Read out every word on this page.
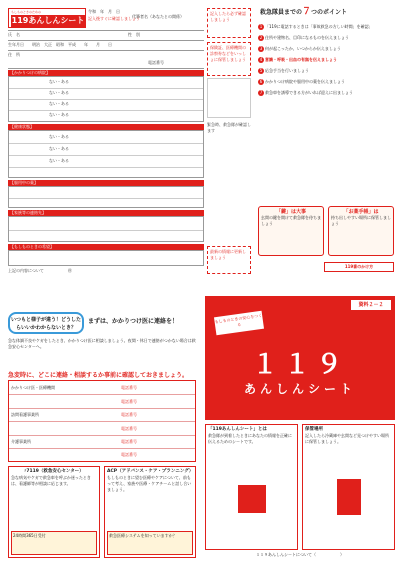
もしものときのための
119あんしんシート
令和　年　月　日
記入後すぐに確認しましょう
代筆者名（あなたとの関係）
氏　名	性　別
生年月日 明治　大正　昭和　平成　　年　　月　　日
住　所
電話番号
【かかりつけの病院】
ない・ある
ない・ある
ない・ある
ない・ある
【健康状態】
ない・ある
ない・ある
ない・ある
【服用中の薬】
【家族等の連絡先】
【もしものときの希望】
上記の内容について　　　　　　㊞
記入したら必ず確認しましょう
保険証、医療機関の診察券などをいっしょに保管しましょう
緊急時、救急隊が確認します
最新の情報に更新しましょう
救急隊員までの７つのポイント
1 「119に電話するときは「事故救急の方しい時間」を確認」
2 住所や建物名、目印になるものを伝えましょう
3 何が起こったか、いつからか伝えましょう
4 意識・呼吸・出血の有無を伝えましょう
5 応急手当を行いましょう
6 かかりつけ病院や服用中の薬を伝えましょう
7 救急車を誘導できる方がいれば迎えに出ましょう
「鍵」は大事
玄関の鍵を開けて救急隊を待ちましょう
「お薬手帳」は
持ち出しやすい場所に保管しましょう
119番のかけ方
いつもと様子が違う！どうしたらいいかわからないとき？
まずは、かかりつけ医に連絡を！
急な体調不良やケガをしたとき、かかりつけ医に相談しましょう。夜間・休日で連絡がつかない場合は救急安心センターへ。
急変時に、どこに連絡・相談するか事前に確認しておきましょう。
かかりつけ医・医療機関	電話番号
電話番号
訪問看護事業所	電話番号
電話番号
介護事業所	電話番号
電話番号
♯7119（救急安心センター）
急な病気やケガで救急車を呼ぶか迷ったときは、看護師等が相談に応じます。
24時間365日受付
ACP（アドバンス・ケア・プランニング）
もしものときに望む医療やケアについて、前もって考え、家族や医療・ケアチームと話し合いましょう。
救急医療システムを知っていますか？
資料２－２
もしものときの安心をつくる
１１９
あんしんシート
「119あんしんシート」とは
救急隊が到着したときにあなたの情報を正確に伝えるためのシートです。
保管場所
記入したら冷蔵庫や玄関など見つけやすい場所に保管しましょう。
１１９あんしんシートについて（　　　　　　）
